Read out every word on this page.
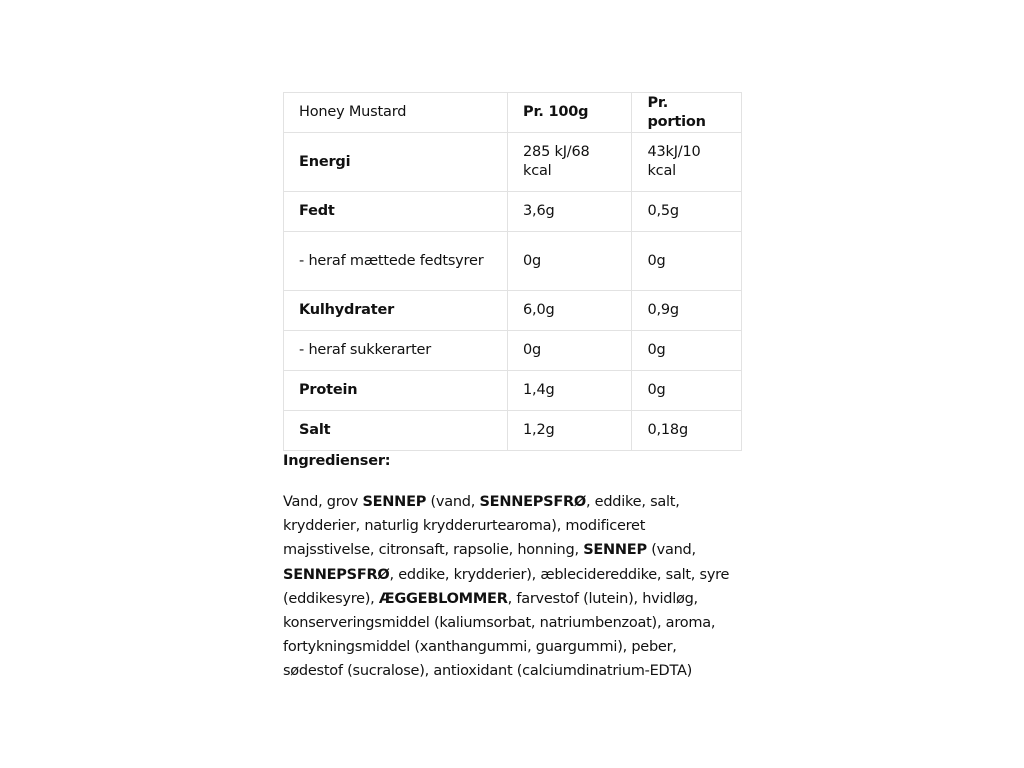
Honey Mustard	Pr. 100g	Pr. portion
Energi	285 kJ/68 kcal	43kJ/10 kcal
Fedt	3,6g	0,5g
- heraf mættede fedtsyrer	0g	0g
Kulhydrater	6,0g	0,9g
- heraf sukkerarter	0g	0g
Protein	1,4g	0g
Salt	1,2g	0,18g

Ingredienser:

Vand, grov SENNEP (vand, SENNEPSFRØ, eddike, salt,
krydderier, naturlig krydderurtearoma), modificeret
majsstivelse, citronsaft, rapsolie, honning, SENNEP (vand,
SENNEPSFRØ, eddike, krydderier), æblecidereddike, salt, syre
(eddikesyre), ÆGGEBLOMMER, farvestof (lutein), hvidløg,
konserveringsmiddel (kaliumsorbat, natriumbenzoat), aroma,
fortykningsmiddel (xanthangummi, guargummi), peber,
sødestof (sucralose), antioxidant (calciumdinatrium-EDTA)
